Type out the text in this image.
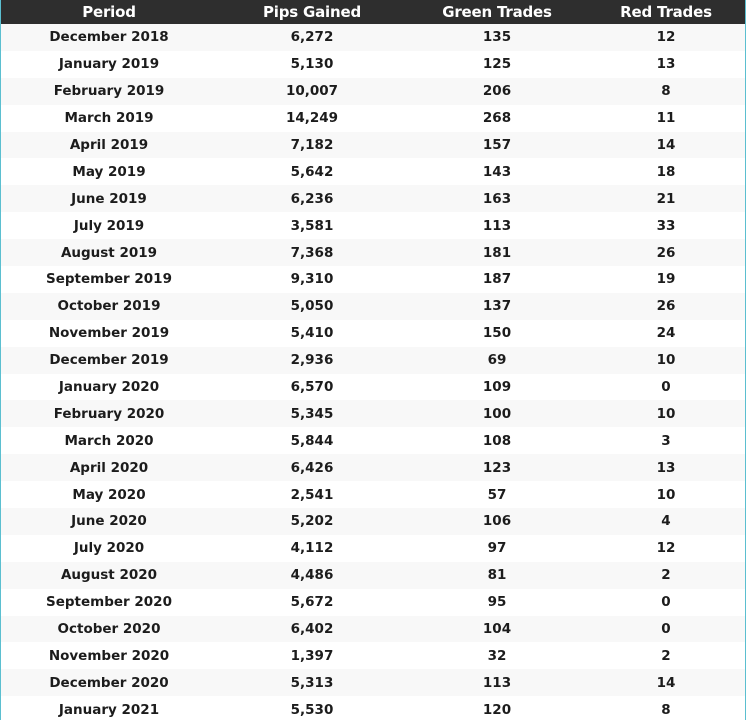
Period	Pips Gained	Green Trades	Red Trades
December 2018	6,272	135	12
January 2019	5,130	125	13
February 2019	10,007	206	8
March 2019	14,249	268	11
April 2019	7,182	157	14
May 2019	5,642	143	18
June 2019	6,236	163	21
July 2019	3,581	113	33
August 2019	7,368	181	26
September 2019	9,310	187	19
October 2019	5,050	137	26
November 2019	5,410	150	24
December 2019	2,936	69	10
January 2020	6,570	109	0
February 2020	5,345	100	10
March 2020	5,844	108	3
April 2020	6,426	123	13
May 2020	2,541	57	10
June 2020	5,202	106	4
July 2020	4,112	97	12
August 2020	4,486	81	2
September 2020	5,672	95	0
October 2020	6,402	104	0
November 2020	1,397	32	2
December 2020	5,313	113	14
January 2021	5,530	120	8
